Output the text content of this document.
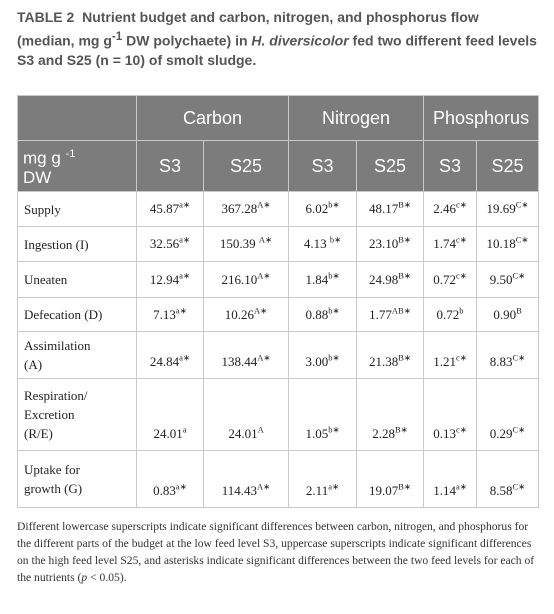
TABLE 2 Nutrient budget and carbon, nitrogen, and phosphorus flow (median, mg $g^{-1}$ DW polychaete) in H. diversicolor fed two different feed levels S3 and S25 (n = 10) of smolt sludge.
	Carbon		Nitrogen		Phosphorus	
mg g $^{-1}$
DW	S3	S25	S3	S25	S3	S25
Supply	$45.87^{a∗}$	$367.28^{A∗}$	$6.02^{b∗}$	$48.17^{B∗}$	$2.46^{c∗}$	$19.69^{C∗}$
Ingestion (I)	$32.56^{a∗}$	150.39 $^{A∗}$	4.13 $^{b∗}$	$23.10^{B∗}$	$1.74^{c∗}$	$10.18^{C∗}$
Uneaten	$12.94^{a∗}$	$216.10^{A∗}$	$1.84^{b∗}$	$24.98^{B∗}$	$0.72^{c∗}$	$9.50^{C∗}$
Defecation (D)	$7.13^{a∗}$	$10.26^{A∗}$	$0.88^{b∗}$	$1.77^{AB∗}$	0.72$^b$	$0.90^B$
Assimilation
(A)	$24.84^{a∗}$	$138.44^{A∗}$	$3.00^{b∗}$	$21.38^{B∗}$	$1.21^{c∗}$	$8.83^{C∗}$
Respiration/
Excretion
(R/E)	24.01$^a$	$24.01^A$	$1.05^{b∗}$	$2.28^{B∗}$	$0.13^{c∗}$	$0.29^{C∗}$
Uptake for
growth (G)	$0.83^{a∗}$	$114.43^{A∗}$	$2.11^{a∗}$	$19.07^{B∗}$	$1.14^{a∗}$	$8.58^{C∗}$
Different lowercase superscripts indicate significant differences between carbon, nitrogen, and phosphorus for the different parts of the budget at the low feed level S3, uppercase superscripts indicate significant differences on the high feed level S25, and asterisks indicate significant differences between the two feed levels for each of the nutrients (p < 0.05).
